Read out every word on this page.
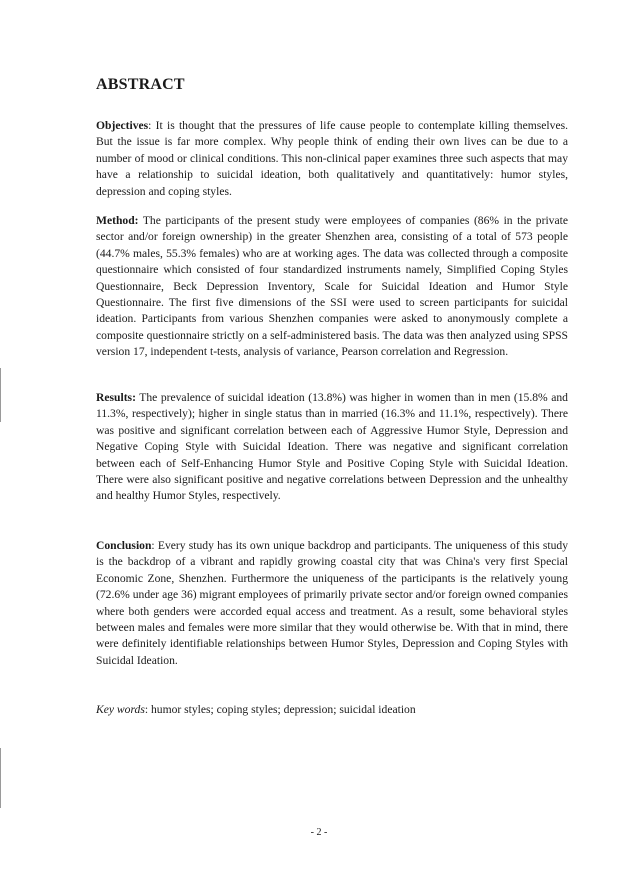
ABSTRACT

Objectives: It is thought that the pressures of life cause people to contemplate killing themselves. But the issue is far more complex. Why people think of ending their own lives can be due to a number of mood or clinical conditions. This non-clinical paper examines three such aspects that may have a relationship to suicidal ideation, both qualitatively and quantitatively: humor styles, depression and coping styles.

Method: The participants of the present study were employees of companies (86% in the private sector and/or foreign ownership) in the greater Shenzhen area, consisting of a total of 573 people (44.7% males, 55.3% females) who are at working ages. The data was collected through a composite questionnaire which consisted of four standardized instruments namely, Simplified Coping Styles Questionnaire, Beck Depression Inventory, Scale for Suicidal Ideation and Humor Style Questionnaire. The first five dimensions of the SSI were used to screen participants for suicidal ideation. Participants from various Shenzhen companies were asked to anonymously complete a composite questionnaire strictly on a self-administered basis. The data was then analyzed using SPSS version 17, independent t-tests, analysis of variance, Pearson correlation and Regression.

Results: The prevalence of suicidal ideation (13.8%) was higher in women than in men (15.8% and 11.3%, respectively); higher in single status than in married (16.3% and 11.1%, respectively). There was positive and significant correlation between each of Aggressive Humor Style, Depression and Negative Coping Style with Suicidal Ideation. There was negative and significant correlation between each of Self-Enhancing Humor Style and Positive Coping Style with Suicidal Ideation. There were also significant positive and negative correlations between Depression and the unhealthy and healthy Humor Styles, respectively.

Conclusion: Every study has its own unique backdrop and participants. The uniqueness of this study is the backdrop of a vibrant and rapidly growing coastal city that was China's very first Special Economic Zone, Shenzhen. Furthermore the uniqueness of the participants is the relatively young (72.6% under age 36) migrant employees of primarily private sector and/or foreign owned companies where both genders were accorded equal access and treatment. As a result, some behavioral styles between males and females were more similar that they would otherwise be. With that in mind, there were definitely identifiable relationships between Humor Styles, Depression and Coping Styles with Suicidal Ideation.

Key words: humor styles; coping styles; depression; suicidal ideation

- 2 -
